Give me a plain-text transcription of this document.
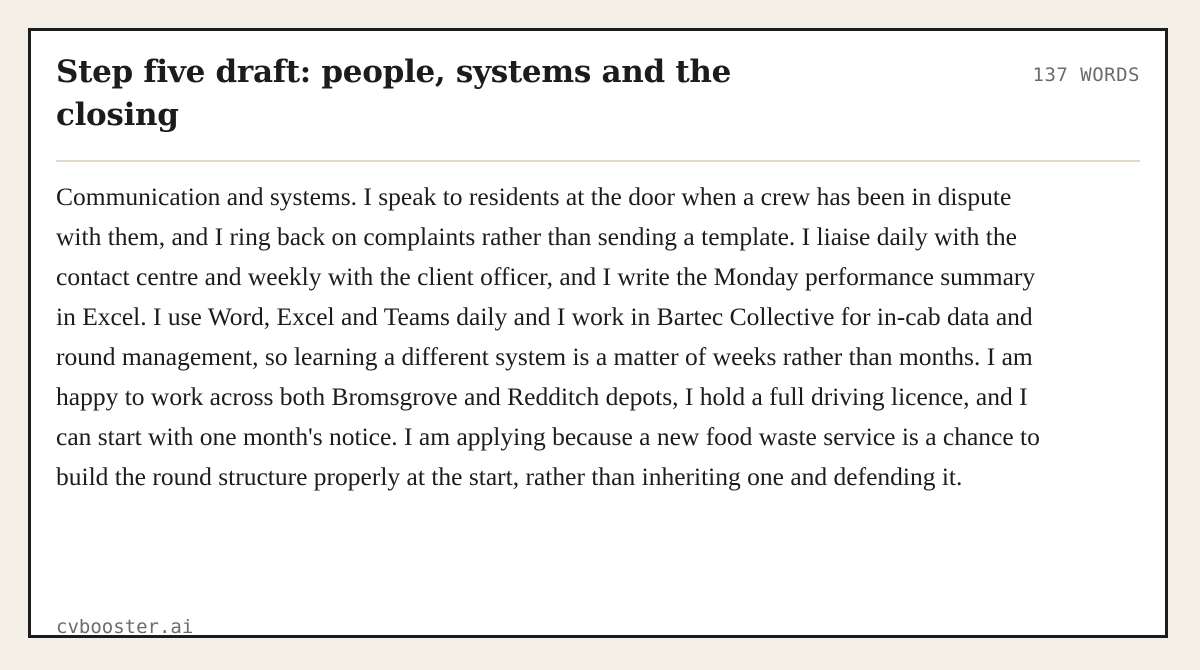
Step five draft: people, systems and the closing
137 WORDS

Communication and systems. I speak to residents at the door when a crew has been in dispute with them, and I ring back on complaints rather than sending a template. I liaise daily with the contact centre and weekly with the client officer, and I write the Monday performance summary in Excel. I use Word, Excel and Teams daily and I work in Bartec Collective for in-cab data and round management, so learning a different system is a matter of weeks rather than months. I am happy to work across both Bromsgrove and Redditch depots, I hold a full driving licence, and I can start with one month's notice. I am applying because a new food waste service is a chance to build the round structure properly at the start, rather than inheriting one and defending it.

cvbooster.ai
